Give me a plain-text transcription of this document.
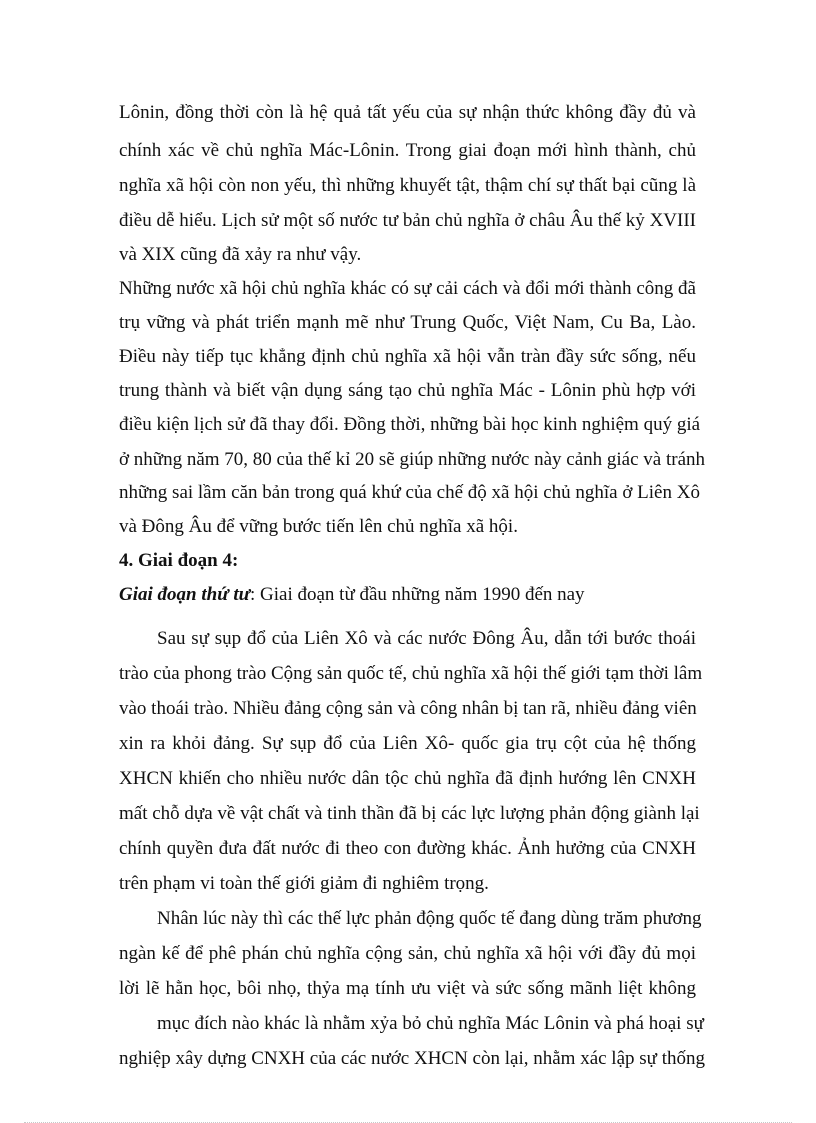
Lônin, đồng thời còn là hệ quả tất yếu của sự nhận thức không đầy đủ và
chính xác về chủ nghĩa Mác-Lônin. Trong giai đoạn mới hình thành, chủ
nghĩa xã hội còn non yếu, thì những khuyết tật, thậm chí sự thất bại cũng là
điều dễ hiểu. Lịch sử một số nước tư bản chủ nghĩa ở châu Âu thế kỷ XVIII
và XIX cũng đã xảy ra như vậy.
Những nước xã hội chủ nghĩa khác có sự cải cách và đổi mới thành công đã
trụ vững và phát triển mạnh mẽ như Trung Quốc, Việt Nam, Cu Ba, Lào.
Điều này tiếp tục khẳng định chủ nghĩa xã hội vẫn tràn đầy sức sống, nếu
trung thành và biết vận dụng sáng tạo chủ nghĩa Mác - Lônin phù hợp với
điều kiện lịch sử đã thay đổi. Đồng thời, những bài học kinh nghiệm quý giá
ở những năm 70, 80 của thế kỉ 20 sẽ giúp những nước này cảnh giác và tránh
những sai lầm căn bản trong quá khứ của chế độ xã hội chủ nghĩa ở Liên Xô
và Đông Âu để vững bước tiến lên chủ nghĩa xã hội.
4. Giai đoạn 4:
Giai đoạn thứ tư: Giai đoạn từ đầu những năm 1990 đến nay
Sau sự sụp đổ của Liên Xô và các nước Đông Âu, dẫn tới bước thoái
trào của phong trào Cộng sản quốc tế, chủ nghĩa xã hội thế giới tạm thời lâm
vào thoái trào. Nhiều đảng cộng sản và công nhân bị tan rã, nhiều đảng viên
xin ra khỏi đảng. Sự sụp đổ của Liên Xô- quốc gia trụ cột của hệ thống
XHCN khiến cho nhiều nước dân tộc chủ nghĩa đã định hướng lên CNXH
mất chỗ dựa về vật chất và tinh thần đã bị các lực lượng phản động giành lại
chính quyền đưa đất nước đi theo con đường khác. Ảnh hưởng của CNXH
trên phạm vi toàn thế giới giảm đi nghiêm trọng.
Nhân lúc này thì các thế lực phản động quốc tế đang dùng trăm phương
ngàn kế để phê phán chủ nghĩa cộng sản, chủ nghĩa xã hội với đầy đủ mọi
lời lẽ hằn học, bôi nhọ, thỷa mạ tính ưu việt và sức sống mãnh liệt không
mục đích nào khác là nhằm xỷa bỏ chủ nghĩa Mác Lônin và phá hoại sự
nghiệp xây dựng CNXH của các nước XHCN còn lại, nhằm xác lập sự thống
